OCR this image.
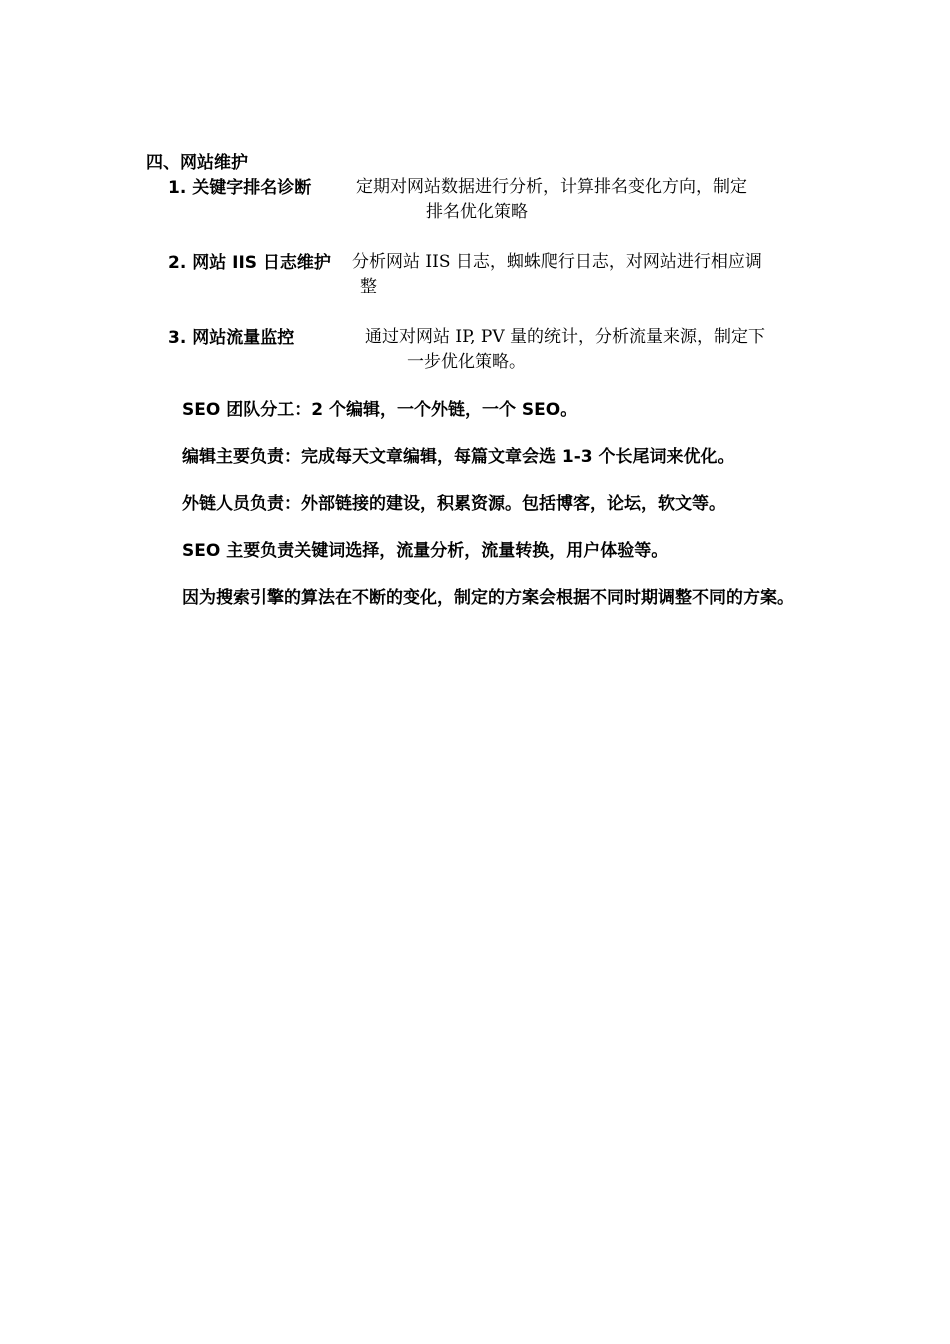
四、网站维护
1. 关键字排名诊断	定期对网站数据进行分析，计算排名变化方向，制定
排名优化策略
2. 网站 IIS 日志维护 分析网站 IIS 日志，蜘蛛爬行日志，对网站进行相应调
整
3. 网站流量监控	通过对网站 IP, PV 量的统计，分析流量来源，制定下
一步优化策略。
SEO 团队分工：2 个编辑，一个外链，一个 SEO。
编辑主要负责：完成每天文章编辑，每篇文章会选 1-3 个长尾词来优化。
外链人员负责：外部链接的建设，积累资源。包括博客，论坛，软文等。
SEO 主要负责关键词选择，流量分析，流量转换，用户体验等。
因为搜索引擎的算法在不断的变化，制定的方案会根据不同时期调整不同的方案。
